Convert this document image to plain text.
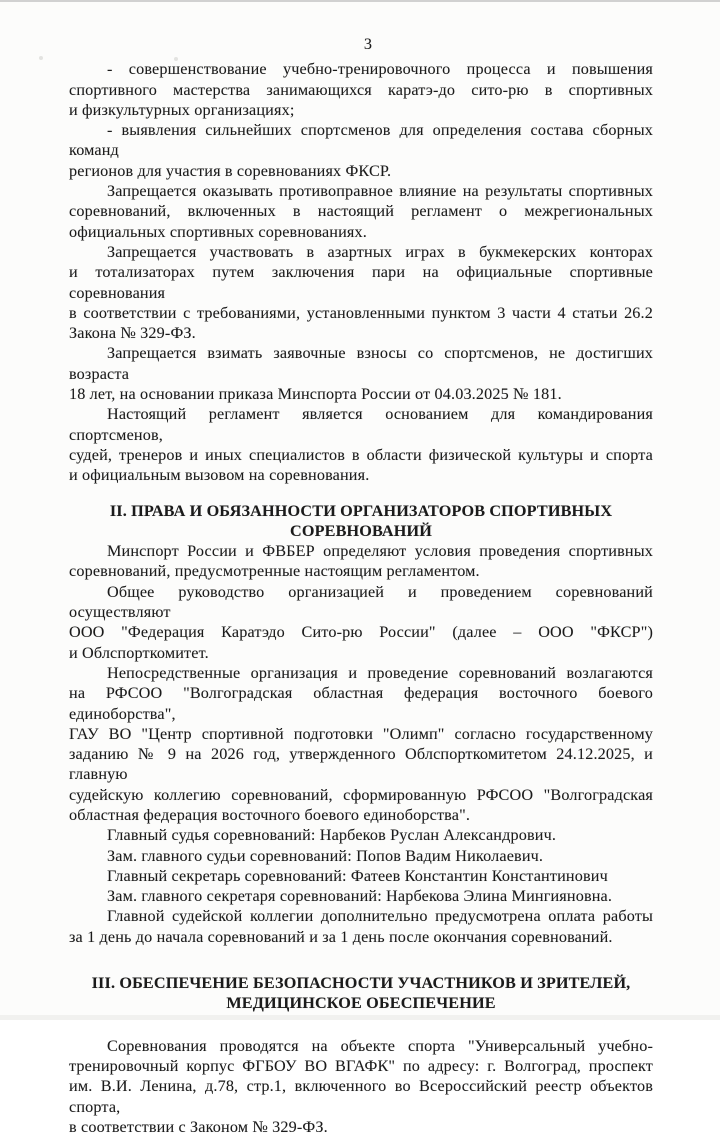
3

- совершенствование учебно-тренировочного процесса и повышения
спортивного мастерства занимающихся каратэ-до сито-рю в спортивных
и физкультурных организациях;

- выявления сильнейших спортсменов для определения состава сборных команд
регионов для участия в соревнованиях ФКСР.

Запрещается оказывать противоправное влияние на результаты спортивных
соревнований, включенных в настоящий регламент о межрегиональных
официальных спортивных соревнованиях.

Запрещается участвовать в азартных играх в букмекерских конторах
и тотализаторах путем заключения пари на официальные спортивные соревнования
в соответствии с требованиями, установленными пунктом 3 части 4 статьи 26.2
Закона № 329-ФЗ.

Запрещается взимать заявочные взносы со спортсменов, не достигших возраста
18 лет, на основании приказа Минспорта России от 04.03.2025 № 181.

Настоящий регламент является основанием для командирования спортсменов,
судей, тренеров и иных специалистов в области физической культуры и спорта
и официальным вызовом на соревнования.

II. ПРАВА И ОБЯЗАННОСТИ ОРГАНИЗАТОРОВ СПОРТИВНЫХ
СОРЕВНОВАНИЙ

Минспорт России и ФВБЕР определяют условия проведения спортивных
соревнований, предусмотренные настоящим регламентом.

Общее руководство организацией и проведением соревнований осуществляют
ООО "Федерация Каратэдо Сито-рю России" (далее – ООО "ФКСР")
и Облспорткомитет.

Непосредственные организация и проведение соревнований возлагаются
на РФСОО "Волгоградская областная федерация восточного боевого единоборства",
ГАУ ВО "Центр спортивной подготовки "Олимп" согласно государственному
заданию № 9 на 2026 год, утвержденного Облспорткомитетом 24.12.2025, и главную
судейскую коллегию соревнований, сформированную РФСОО "Волгоградская
областная федерация восточного боевого единоборства".

Главный судья соревнований: Нарбеков Руслан Александрович.

Зам. главного судьи соревнований: Попов Вадим Николаевич.

Главный секретарь соревнований: Фатеев Константин Константинович

Зам. главного секретаря соревнований: Нарбекова Элина Мингияновна.

Главной судейской коллегии дополнительно предусмотрена оплата работы
за 1 день до начала соревнований и за 1 день после окончания соревнований.

III. ОБЕСПЕЧЕНИЕ БЕЗОПАСНОСТИ УЧАСТНИКОВ И ЗРИТЕЛЕЙ,
МЕДИЦИНСКОЕ ОБЕСПЕЧЕНИЕ

Соревнования проводятся на объекте спорта "Универсальный учебно-
тренировочный корпус ФГБОУ ВО ВГАФК" по адресу: г. Волгоград, проспект
им. В.И. Ленина, д.78, стр.1, включенного во Всероссийский реестр объектов спорта,
в соответствии с Законом № 329-ФЗ.
